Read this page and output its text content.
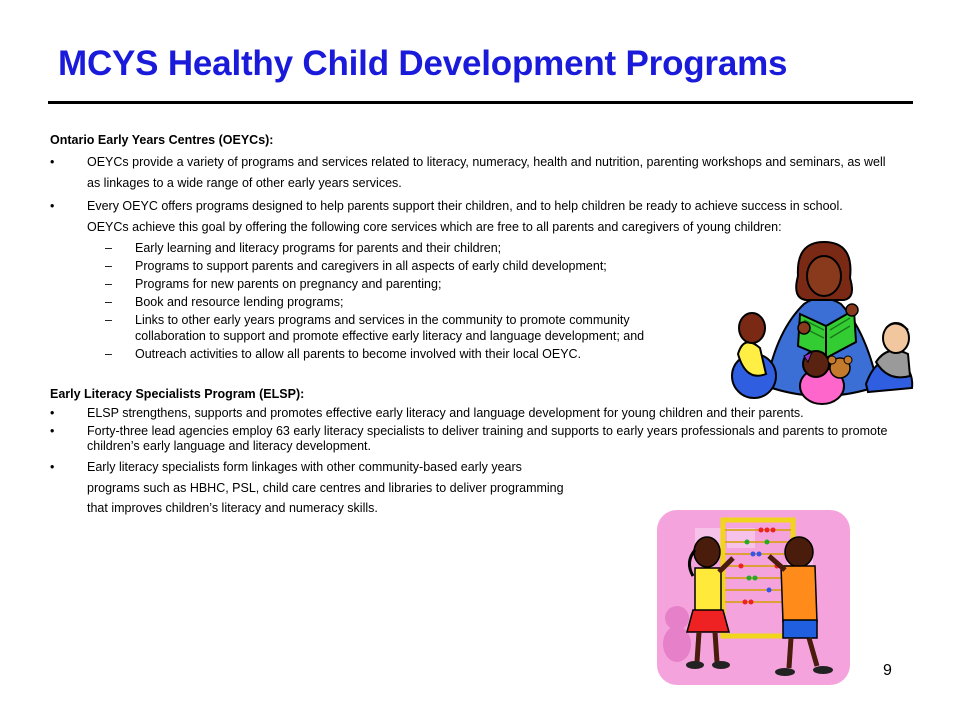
MCYS Healthy Child Development Programs

Ontario Early Years Centres (OEYCs):

•	OEYCs provide a variety of programs and services related to literacy, numeracy, health and nutrition, parenting workshops and seminars, as well as linkages to a wide range of other early years services.

•	Every OEYC offers programs designed to help parents support their children, and to help children be ready to achieve success in school. OEYCs achieve this goal by offering the following core services which are free to all parents and caregivers of young children:

– Early learning and literacy programs for parents and their children;

– Programs to support parents and caregivers in all aspects of early child development;

– Programs for new parents on pregnancy and parenting;

– Book and resource lending programs;

– Links to other early years programs and services in the community to promote community collaboration to support and promote effective early literacy and language development; and

– Outreach activities to allow all parents to become involved with their local OEYC.

Early Literacy Specialists Program (ELSP):

•	ELSP strengthens, supports and promotes effective early literacy and language development for young children and their parents.

•	Forty-three lead agencies employ 63 early literacy specialists to deliver training and supports to early years professionals and parents to promote children’s early language and literacy development.

•	Early literacy specialists form linkages with other community-based early years
programs such as HBHC, PSL, child care centres and libraries to deliver programming
that improves children’s literacy and numeracy skills.

9
